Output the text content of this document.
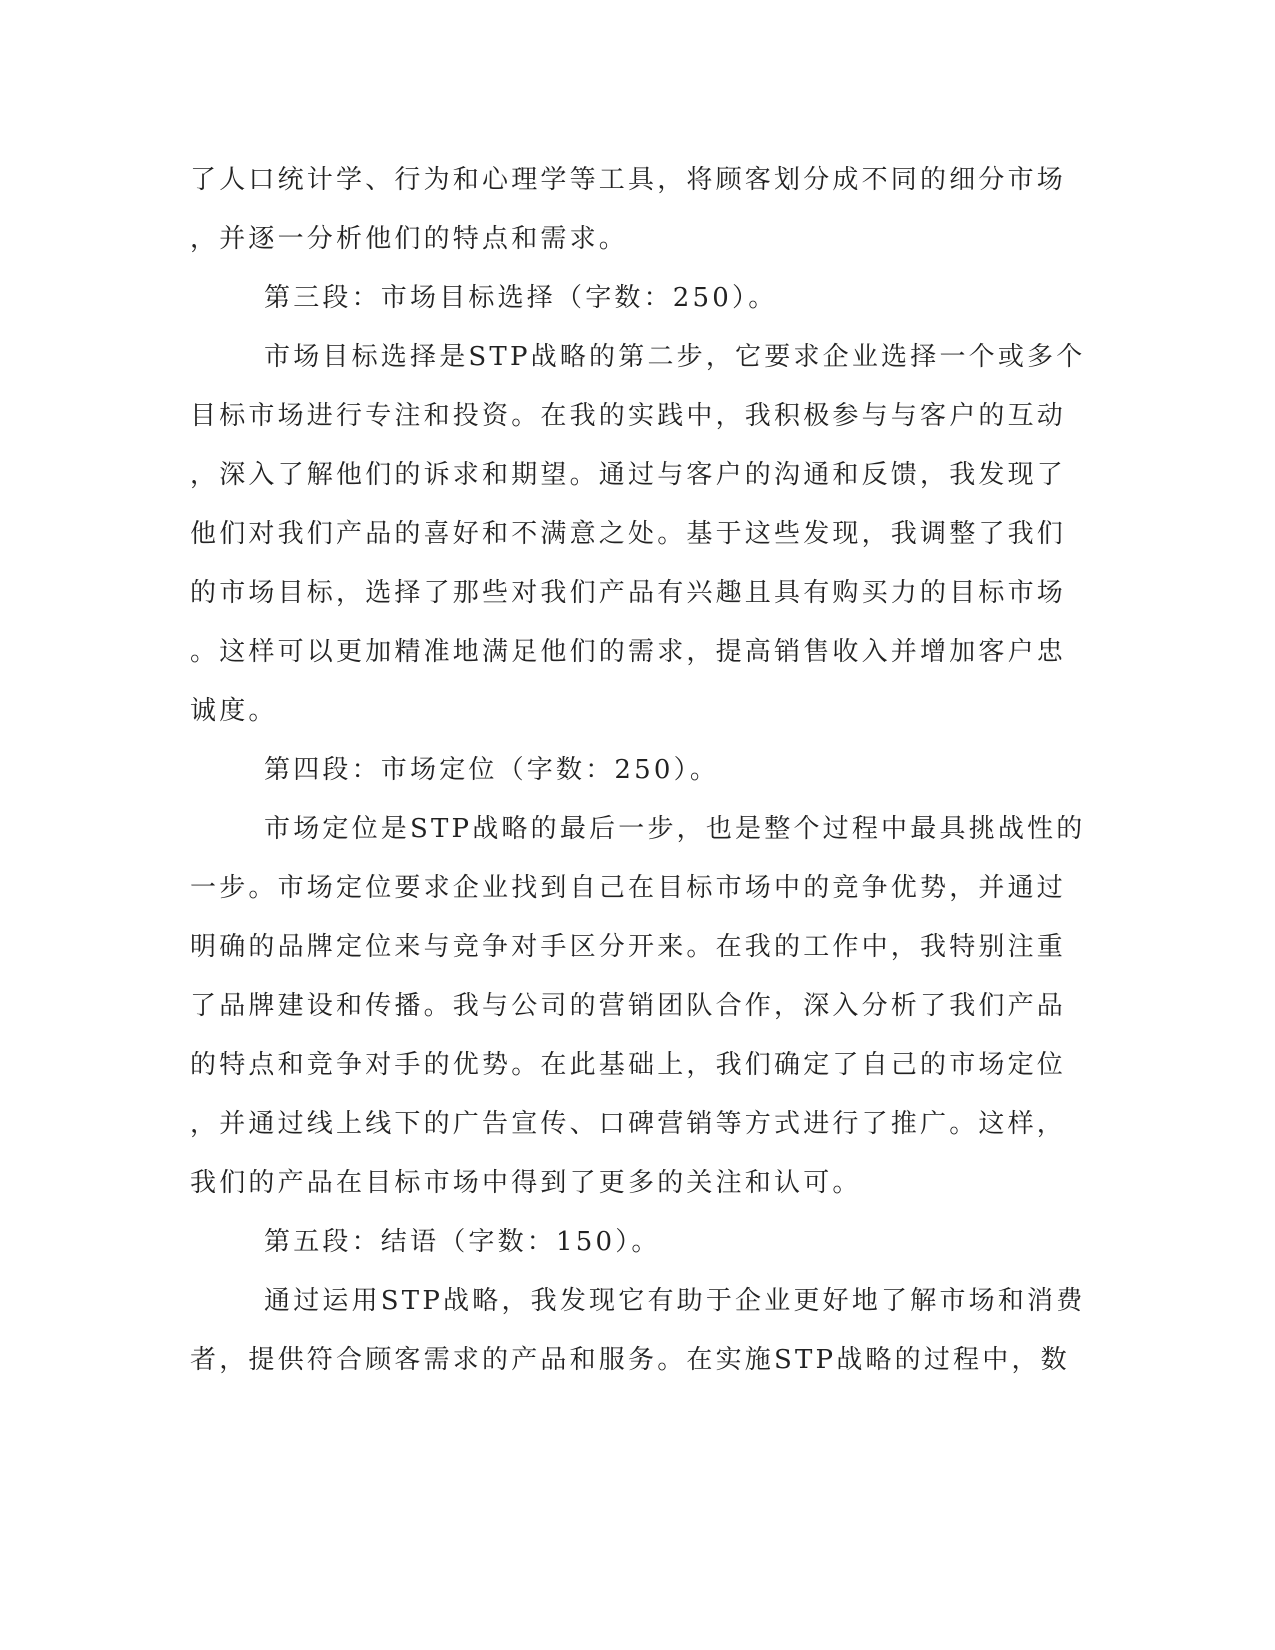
了人口统计学、行为和心理学等工具，将顾客划分成不同的细分市场
，并逐一分析他们的特点和需求。
第三段：市场目标选择（字数：250）。
市场目标选择是STP战略的第二步，它要求企业选择一个或多个
目标市场进行专注和投资。在我的实践中，我积极参与与客户的互动
，深入了解他们的诉求和期望。通过与客户的沟通和反馈，我发现了
他们对我们产品的喜好和不满意之处。基于这些发现，我调整了我们
的市场目标，选择了那些对我们产品有兴趣且具有购买力的目标市场
。这样可以更加精准地满足他们的需求，提高销售收入并增加客户忠
诚度。
第四段：市场定位（字数：250）。
市场定位是STP战略的最后一步，也是整个过程中最具挑战性的
一步。市场定位要求企业找到自己在目标市场中的竞争优势，并通过
明确的品牌定位来与竞争对手区分开来。在我的工作中，我特别注重
了品牌建设和传播。我与公司的营销团队合作，深入分析了我们产品
的特点和竞争对手的优势。在此基础上，我们确定了自己的市场定位
，并通过线上线下的广告宣传、口碑营销等方式进行了推广。这样，
我们的产品在目标市场中得到了更多的关注和认可。
第五段：结语（字数：150）。
通过运用STP战略，我发现它有助于企业更好地了解市场和消费
者，提供符合顾客需求的产品和服务。在实施STP战略的过程中，数
